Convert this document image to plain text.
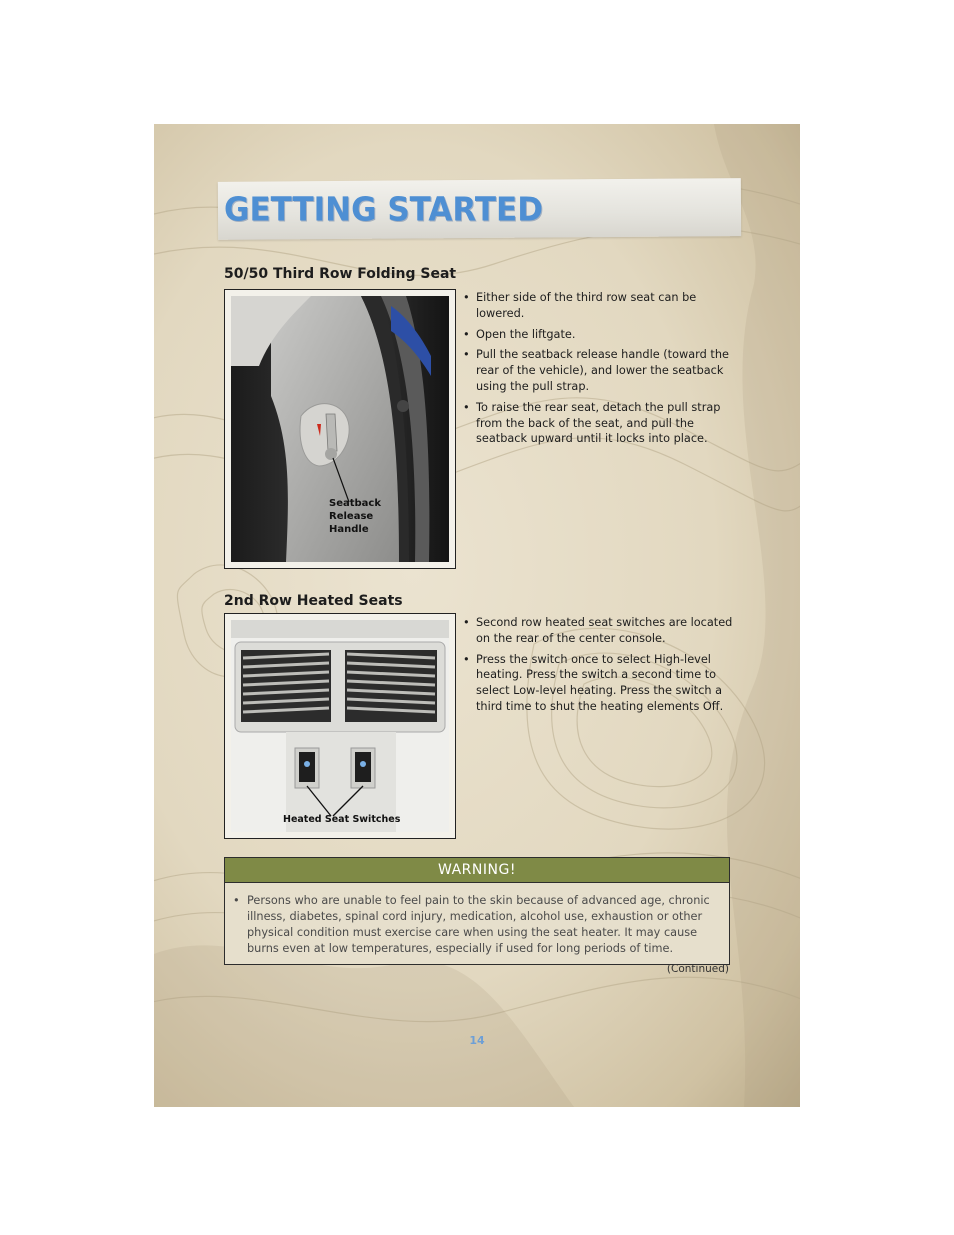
GETTING STARTED
50/50 Third Row Folding Seat
Seatback
Release
Handle
• Either side of the third row seat can be lowered.
• Open the liftgate.
• Pull the seatback release handle (toward the rear of the vehicle), and lower the seatback using the pull strap.
• To raise the rear seat, detach the pull strap from the back of the seat, and pull the seatback upward until it locks into place.
2nd Row Heated Seats
Heated Seat Switches
• Second row heated seat switches are located on the rear of the center console.
• Press the switch once to select High-level heating. Press the switch a second time to select Low-level heating. Press the switch a third time to shut the heating elements Off.
WARNING!
• Persons who are unable to feel pain to the skin because of advanced age, chronic illness, diabetes, spinal cord injury, medication, alcohol use, exhaustion or other physical condition must exercise care when using the seat heater. It may cause burns even at low temperatures, especially if used for long periods of time.
(Continued)
14
